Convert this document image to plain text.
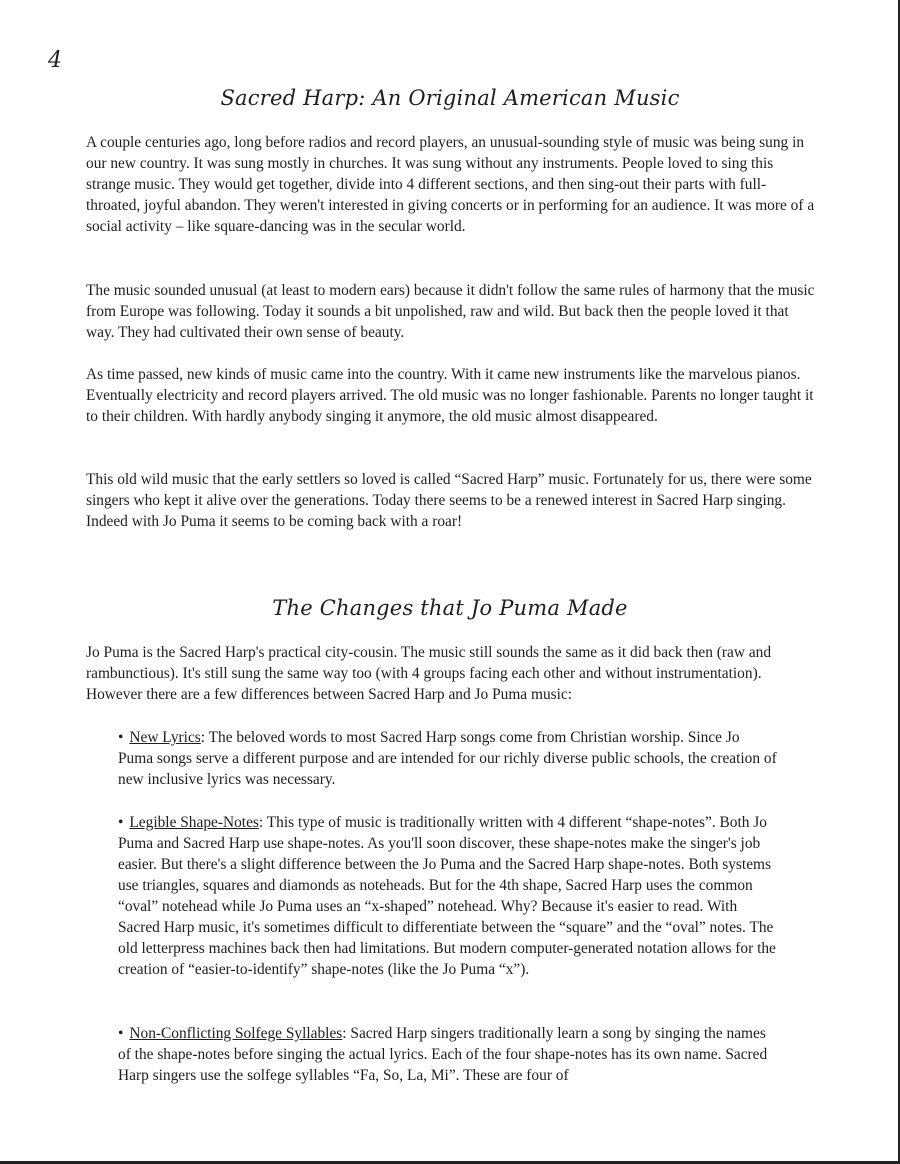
4
Sacred Harp: An Original American Music

A couple centuries ago, long before radios and record players, an unusual-sounding style of music was being sung in our new country. It was sung mostly in churches. It was sung without any instruments. People loved to sing this strange music. They would get together, divide into 4 different sections, and then sing-out their parts with full-throated, joyful abandon. They weren't interested in giving concerts or in performing for an audience. It was more of a social activity – like square-dancing was in the secular world.

The music sounded unusual (at least to modern ears) because it didn't follow the same rules of harmony that the music from Europe was following. Today it sounds a bit unpolished, raw and wild. But back then the people loved it that way. They had cultivated their own sense of beauty.

As time passed, new kinds of music came into the country. With it came new instruments like the marvelous pianos. Eventually electricity and record players arrived. The old music was no longer fashionable. Parents no longer taught it to their children. With hardly anybody singing it anymore, the old music almost disappeared.

This old wild music that the early settlers so loved is called “Sacred Harp” music. Fortunately for us, there were some singers who kept it alive over the generations. Today there seems to be a renewed interest in Sacred Harp singing. Indeed with Jo Puma it seems to be coming back with a roar!

The Changes that Jo Puma Made

Jo Puma is the Sacred Harp's practical city-cousin. The music still sounds the same as it did back then (raw and rambunctious). It's still sung the same way too (with 4 groups facing each other and without instrumentation). However there are a few differences between Sacred Harp and Jo Puma music:

• New Lyrics: The beloved words to most Sacred Harp songs come from Christian worship. Since Jo Puma songs serve a different purpose and are intended for our richly diverse public schools, the creation of new inclusive lyrics was necessary.

• Legible Shape-Notes: This type of music is traditionally written with 4 different “shape-notes”. Both Jo Puma and Sacred Harp use shape-notes. As you'll soon discover, these shape-notes make the singer's job easier. But there's a slight difference between the Jo Puma and the Sacred Harp shape-notes. Both systems use triangles, squares and diamonds as noteheads. But for the 4th shape, Sacred Harp uses the common “oval” notehead while Jo Puma uses an “x-shaped” notehead. Why? Because it's easier to read. With Sacred Harp music, it's sometimes difficult to differentiate between the “square” and the “oval” notes. The old letterpress machines back then had limitations. But modern computer-generated notation allows for the creation of “easier-to-identify” shape-notes (like the Jo Puma “x”).

• Non-Conflicting Solfege Syllables: Sacred Harp singers traditionally learn a song by singing the names of the shape-notes before singing the actual lyrics. Each of the four shape-notes has its own name. Sacred Harp singers use the solfege syllables “Fa, So, La, Mi”. These are four of
